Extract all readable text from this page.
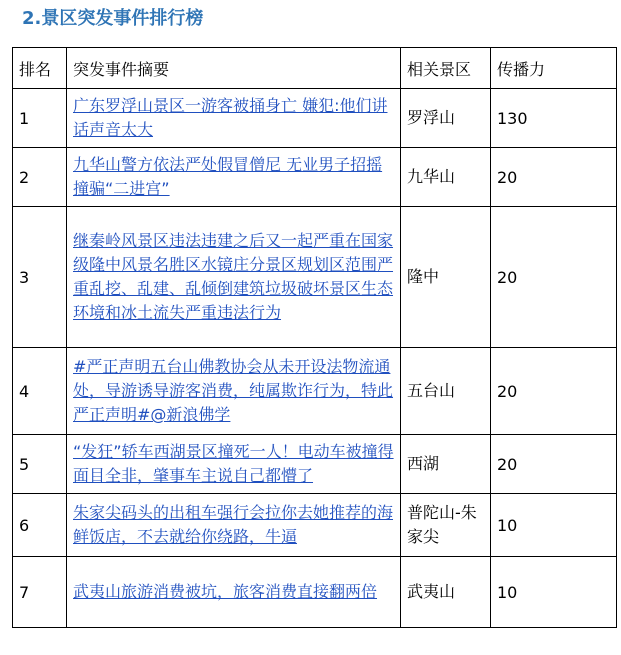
2.景区突发事件排行榜
排名	突发事件摘要	相关景区	传播力
1	广东罗浮山景区一游客被捅身亡 嫌犯:他们讲话声音太大	罗浮山	130
2	九华山警方依法严处假冒僧尼 无业男子招摇撞骗“二进宫”	九华山	20
3	继秦岭风景区违法违建之后又一起严重在国家级隆中风景名胜区水镜庄分景区规划区范围严重乱挖、乱建、乱倾倒建筑垃圾破坏景区生态环境和冰土流失严重违法行为	隆中	20
4	#严正声明五台山佛教协会从未开设法物流通处，导游诱导游客消费，纯属欺诈行为，特此严正声明#@新浪佛学	五台山	20
5	“发狂”轿车西湖景区撞死一人！电动车被撞得面目全非，肇事车主说自己都懵了	西湖	20
6	朱家尖码头的出租车强行会拉你去她推荐的海鲜饭店，不去就给你绕路，牛逼	普陀山-朱家尖	10
7	武夷山旅游消费被坑，旅客消费直接翻两倍	武夷山	10
